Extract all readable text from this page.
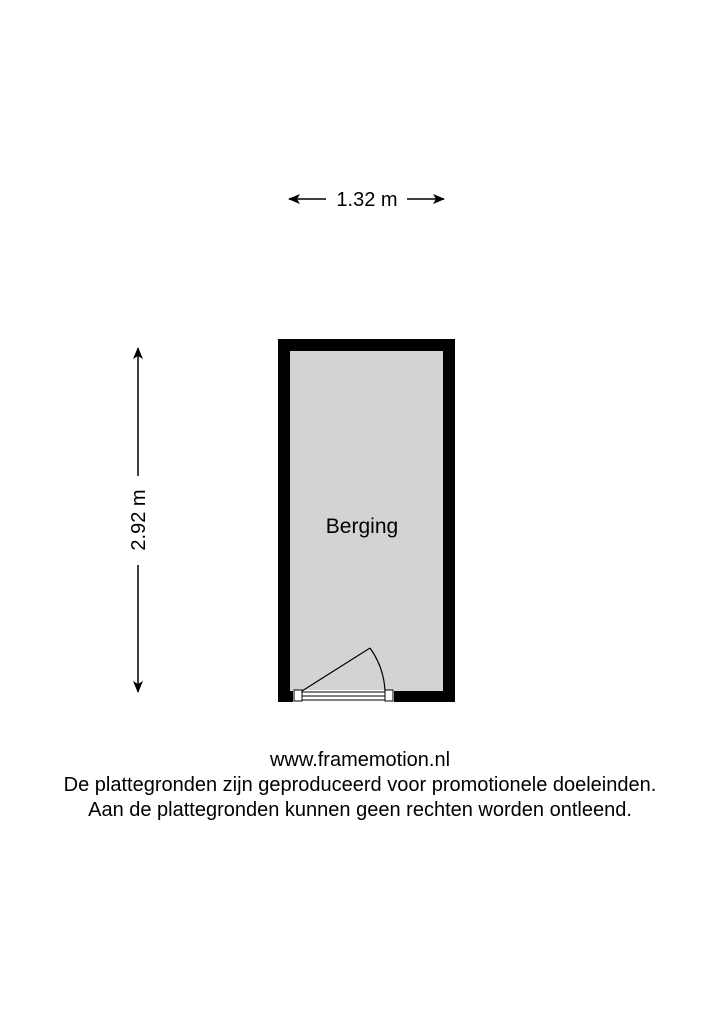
1.32 m
2.92 m	Berging
www.framemotion.nl
De plattegronden zijn geproduceerd voor promotionele doeleinden.
Aan de plattegronden kunnen geen rechten worden ontleend.
